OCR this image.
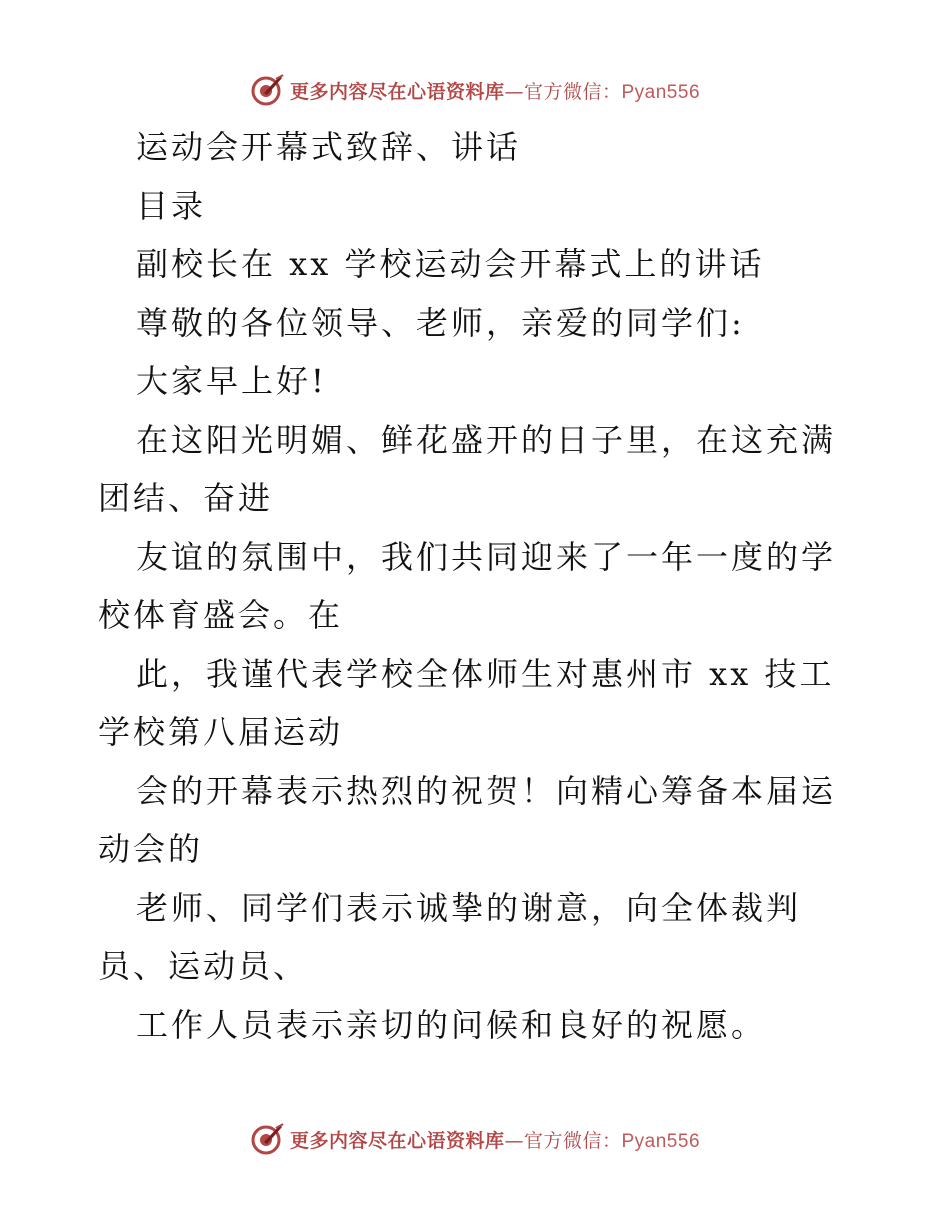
更多内容尽在心语资料库—官方微信：Pyan556

运动会开幕式致辞、讲话

目录

副校长在 xx 学校运动会开幕式上的讲话

尊敬的各位领导、老师，亲爱的同学们:

大家早上好!

在这阳光明媚、鲜花盛开的日子里，在这充满团结、奋进

友谊的氛围中，我们共同迎来了一年一度的学校体育盛会。在

此，我谨代表学校全体师生对惠州市 xx 技工学校第八届运动

会的开幕表示热烈的祝贺！向精心筹备本届运动会的

老师、同学们表示诚挚的谢意，向全体裁判员、运动员、

工作人员表示亲切的问候和良好的祝愿。

更多内容尽在心语资料库—官方微信：Pyan556
